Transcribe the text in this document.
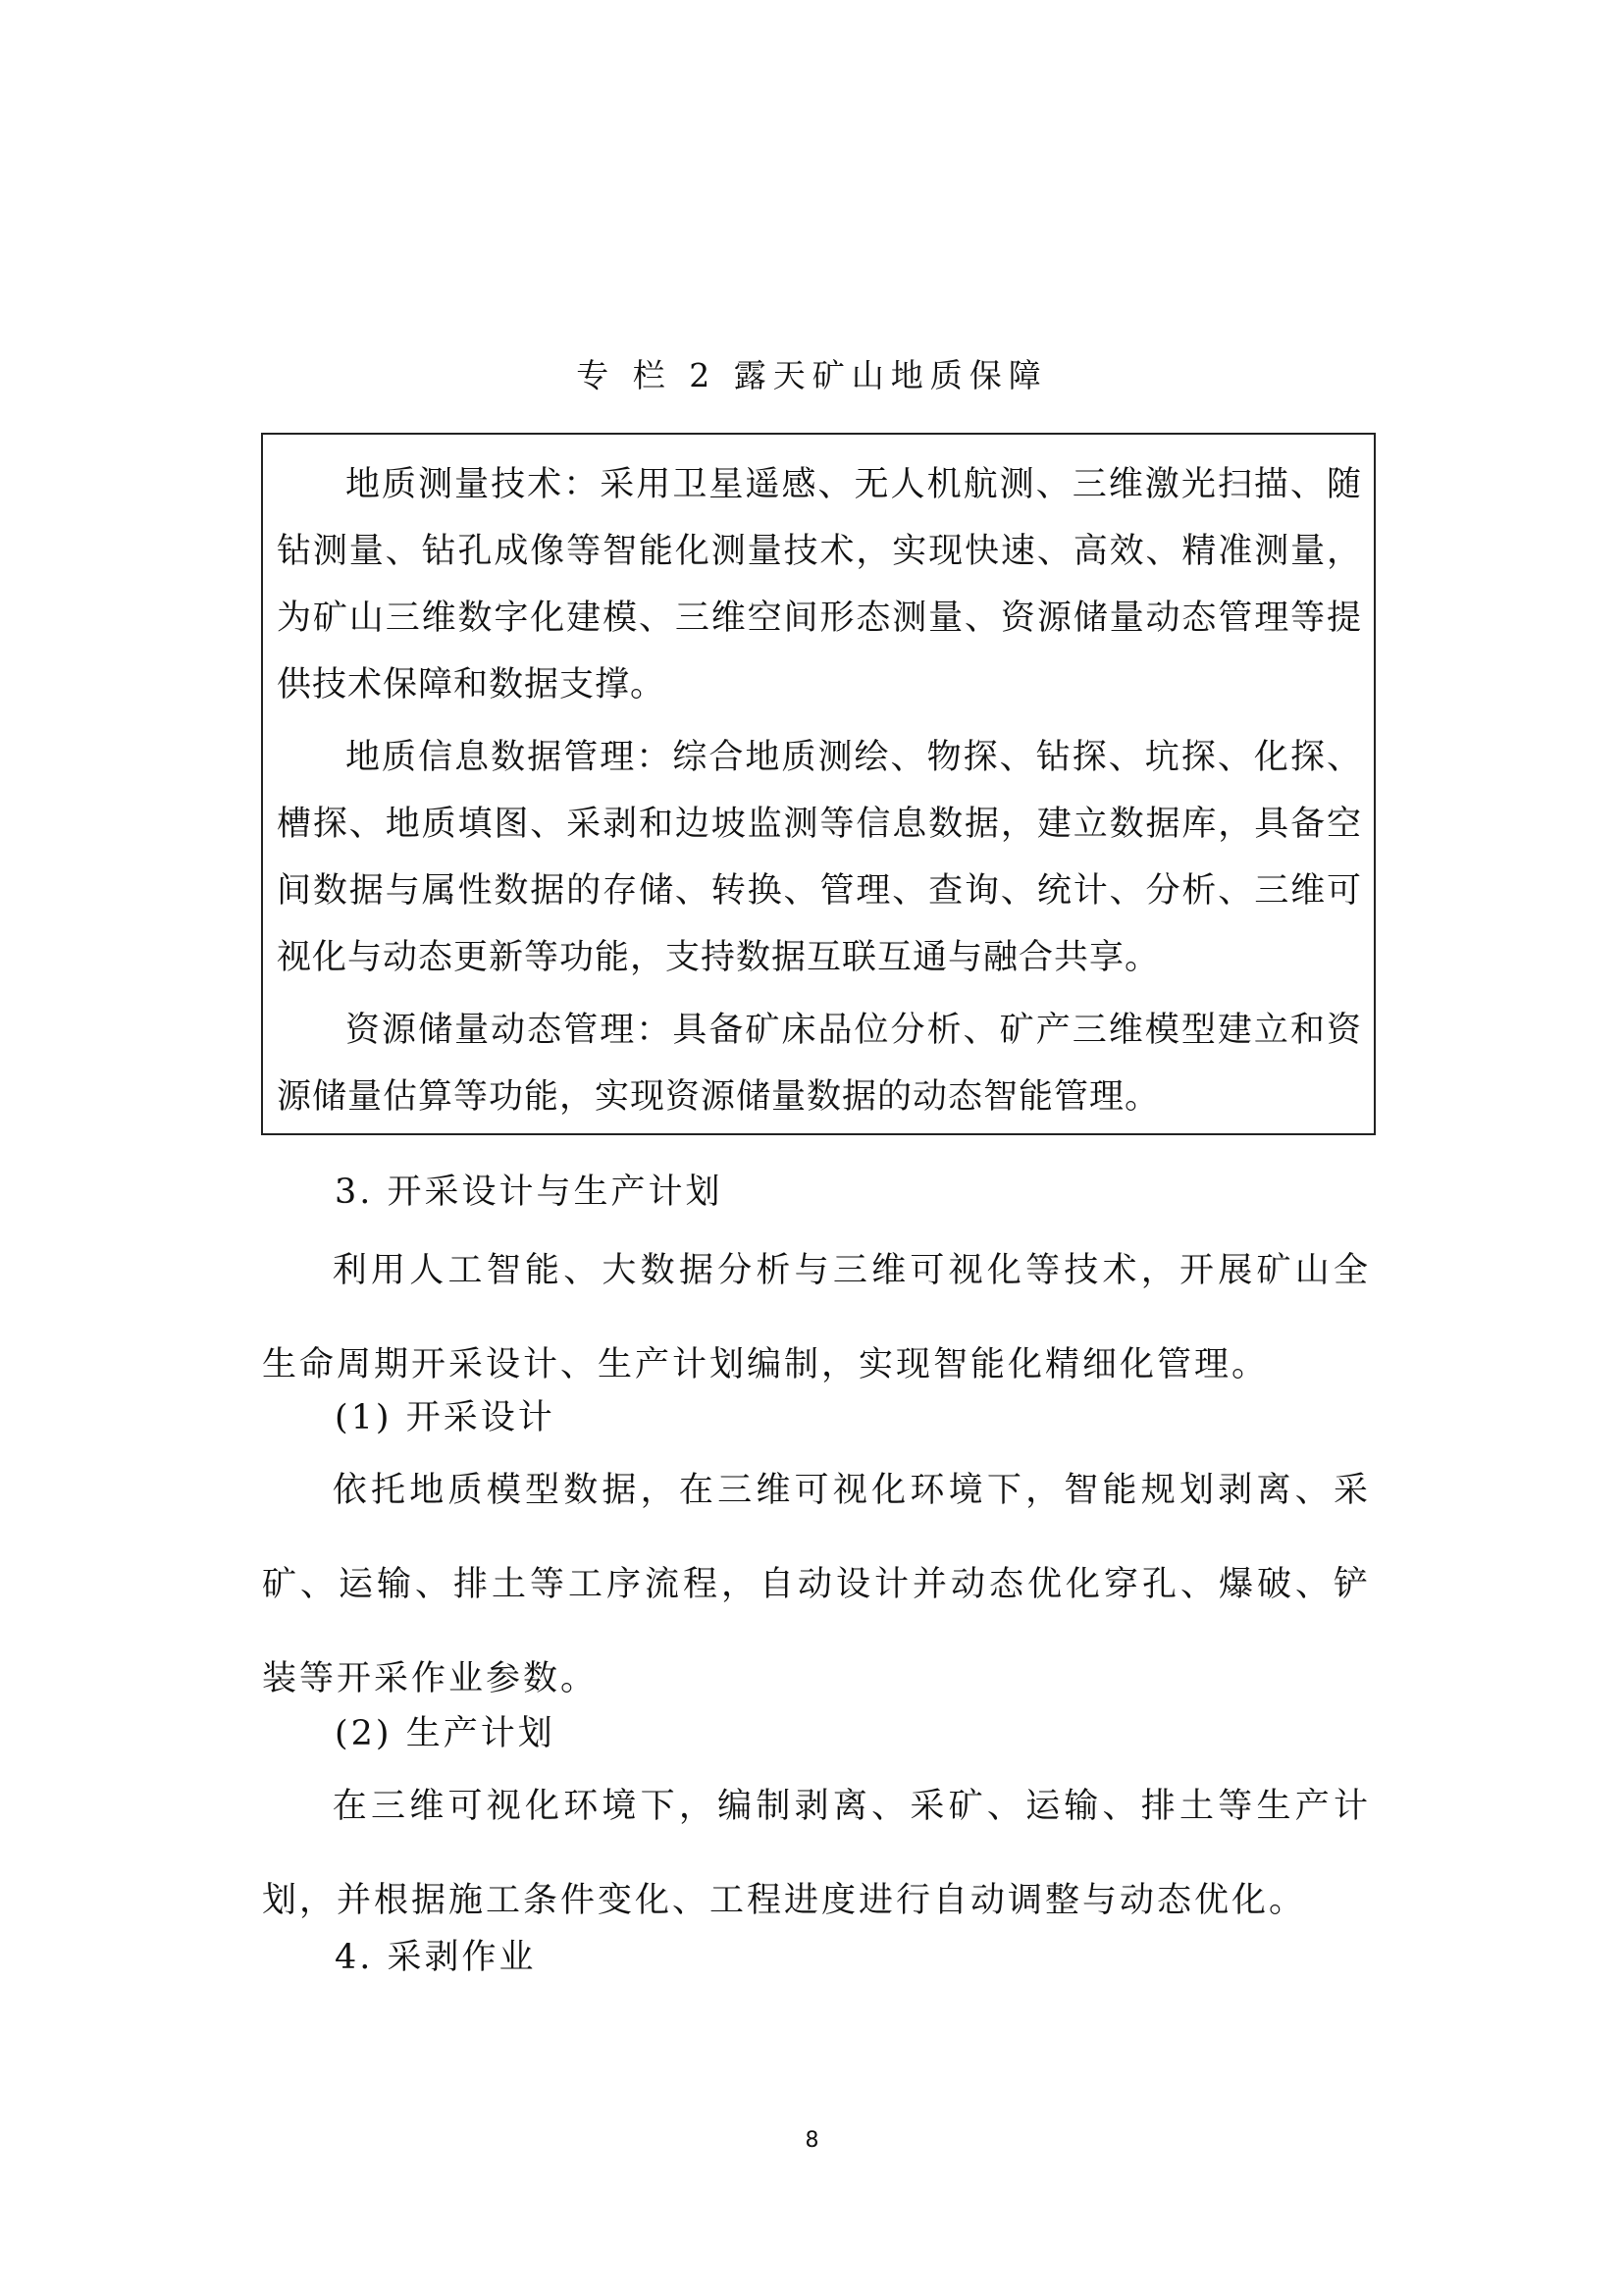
专 栏 2 露天矿山地质保障

地质测量技术：采用卫星遥感、无人机航测、三维激光扫描、随钻测量、钻孔成像等智能化测量技术，实现快速、高效、精准测量，为矿山三维数字化建模、三维空间形态测量、资源储量动态管理等提供技术保障和数据支撑。

地质信息数据管理：综合地质测绘、物探、钻探、坑探、化探、槽探、地质填图、采剥和边坡监测等信息数据，建立数据库，具备空间数据与属性数据的存储、转换、管理、查询、统计、分析、三维可视化与动态更新等功能，支持数据互联互通与融合共享。

资源储量动态管理：具备矿床品位分析、矿产三维模型建立和资源储量估算等功能，实现资源储量数据的动态智能管理。

3. 开采设计与生产计划

利用人工智能、大数据分析与三维可视化等技术，开展矿山全生命周期开采设计、生产计划编制，实现智能化精细化管理。

(1) 开采设计

依托地质模型数据，在三维可视化环境下，智能规划剥离、采矿、运输、排土等工序流程，自动设计并动态优化穿孔、爆破、铲装等开采作业参数。

(2) 生产计划

在三维可视化环境下，编制剥离、采矿、运输、排土等生产计划，并根据施工条件变化、工程进度进行自动调整与动态优化。

4. 采剥作业

8
